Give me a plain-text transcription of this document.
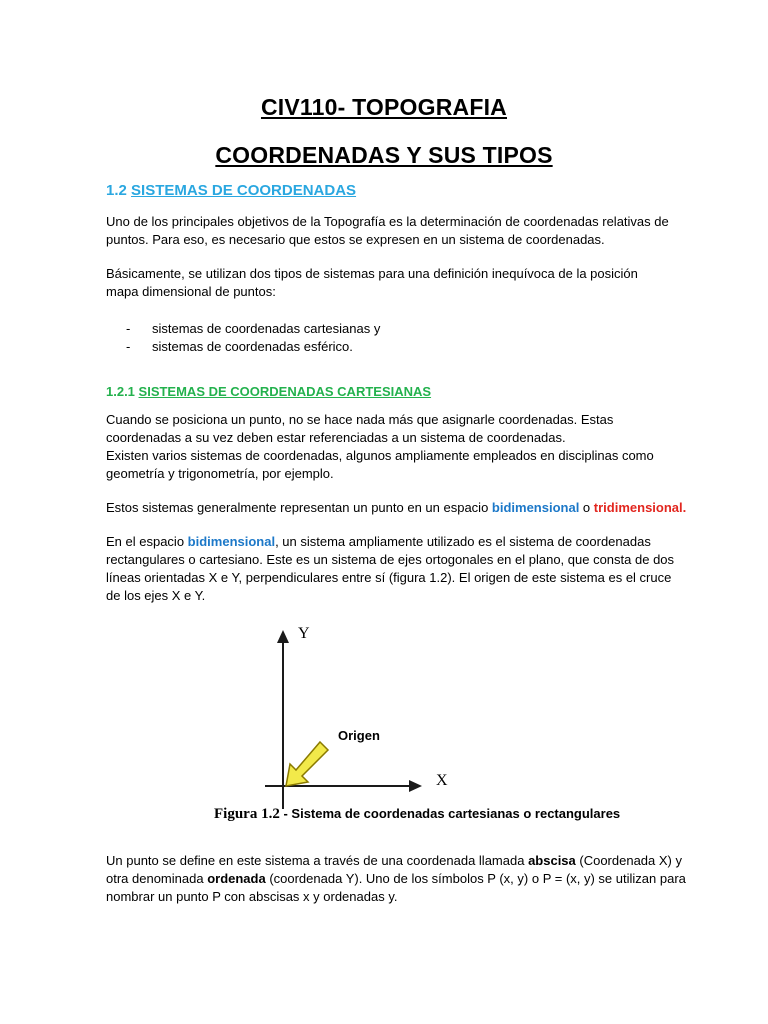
CIV110- TOPOGRAFIA
COORDENADAS Y SUS TIPOS
1.2 SISTEMAS DE COORDENADAS
Uno de los principales objetivos de la Topografía es la determinación de coordenadas relativas de
puntos. Para eso, es necesario que estos se expresen en un sistema de coordenadas.
Básicamente, se utilizan dos tipos de sistemas para una definición inequívoca de la posición
mapa dimensional de puntos:
- sistemas de coordenadas cartesianas y
- sistemas de coordenadas esférico.
1.2.1 SISTEMAS DE COORDENADAS CARTESIANAS
Cuando se posiciona un punto, no se hace nada más que asignarle coordenadas. Estas
coordenadas a su vez deben estar referenciadas a un sistema de coordenadas.
Existen varios sistemas de coordenadas, algunos ampliamente empleados en disciplinas como
geometría y trigonometría, por ejemplo.
Estos sistemas generalmente representan un punto en un espacio bidimensional o tridimensional.
En el espacio bidimensional, un sistema ampliamente utilizado es el sistema de coordenadas
rectangulares o cartesiano. Este es un sistema de ejes ortogonales en el plano, que consta de dos
líneas orientadas X e Y, perpendiculares entre sí (figura 1.2). El origen de este sistema es el cruce
de los ejes X e Y.
Y
X
Origen
Figura 1.2 - Sistema de coordenadas cartesianas o rectangulares
Un punto se define en este sistema a través de una coordenada llamada abscisa (Coordenada X) y
otra denominada ordenada (coordenada Y). Uno de los símbolos P (x, y) o P = (x, y) se utilizan para
nombrar un punto P con abscisas x y ordenadas y.
